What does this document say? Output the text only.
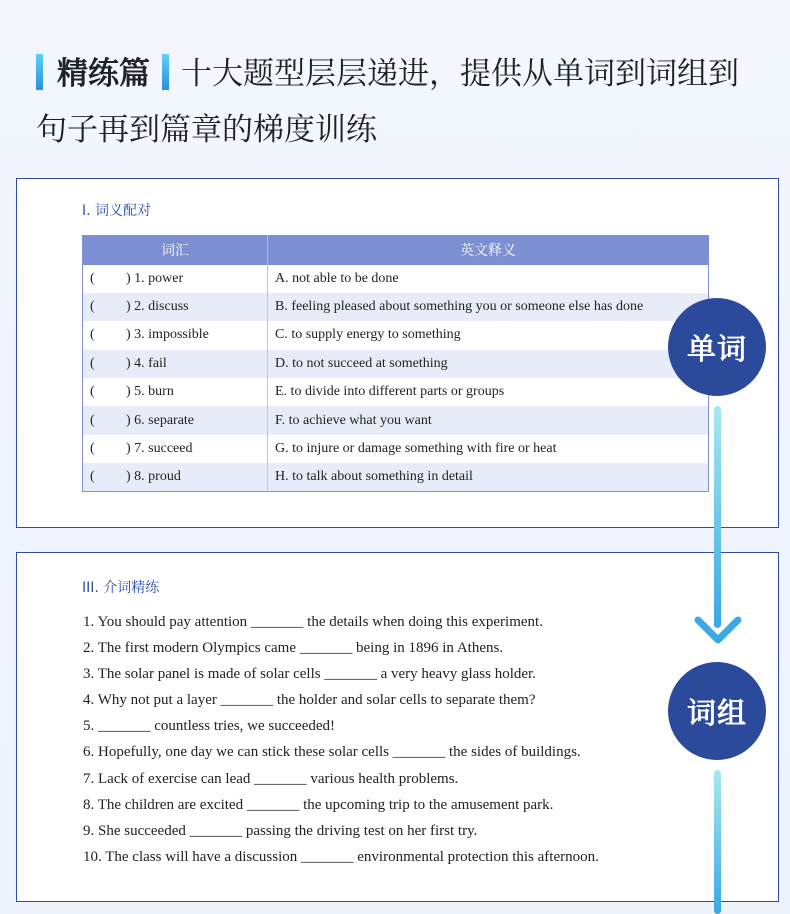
精练篇 十大题型层层递进，提供从单词到词组到句子再到篇章的梯度训练
I. 词义配对
词汇	英文释义
( ) 1. power	A. not able to be done
( ) 2. discuss	B. feeling pleased about something you or someone else has done
( ) 3. impossible	C. to supply energy to something
( ) 4. fail	D. to not succeed at something
( ) 5. burn	E. to divide into different parts or groups
( ) 6. separate	F. to achieve what you want
( ) 7. succeed	G. to injure or damage something with fire or heat
( ) 8. proud	H. to talk about something in detail
III. 介词精练
1. You should pay attention _______ the details when doing this experiment.
2. The first modern Olympics came _______ being in 1896 in Athens.
3. The solar panel is made of solar cells _______ a very heavy glass holder.
4. Why not put a layer _______ the holder and solar cells to separate them?
5. _______ countless tries, we succeeded!
6. Hopefully, one day we can stick these solar cells _______ the sides of buildings.
7. Lack of exercise can lead _______ various health problems.
8. The children are excited _______ the upcoming trip to the amusement park.
9. She succeeded _______ passing the driving test on her first try.
10. The class will have a discussion _______ environmental protection this afternoon.
单词
词组
